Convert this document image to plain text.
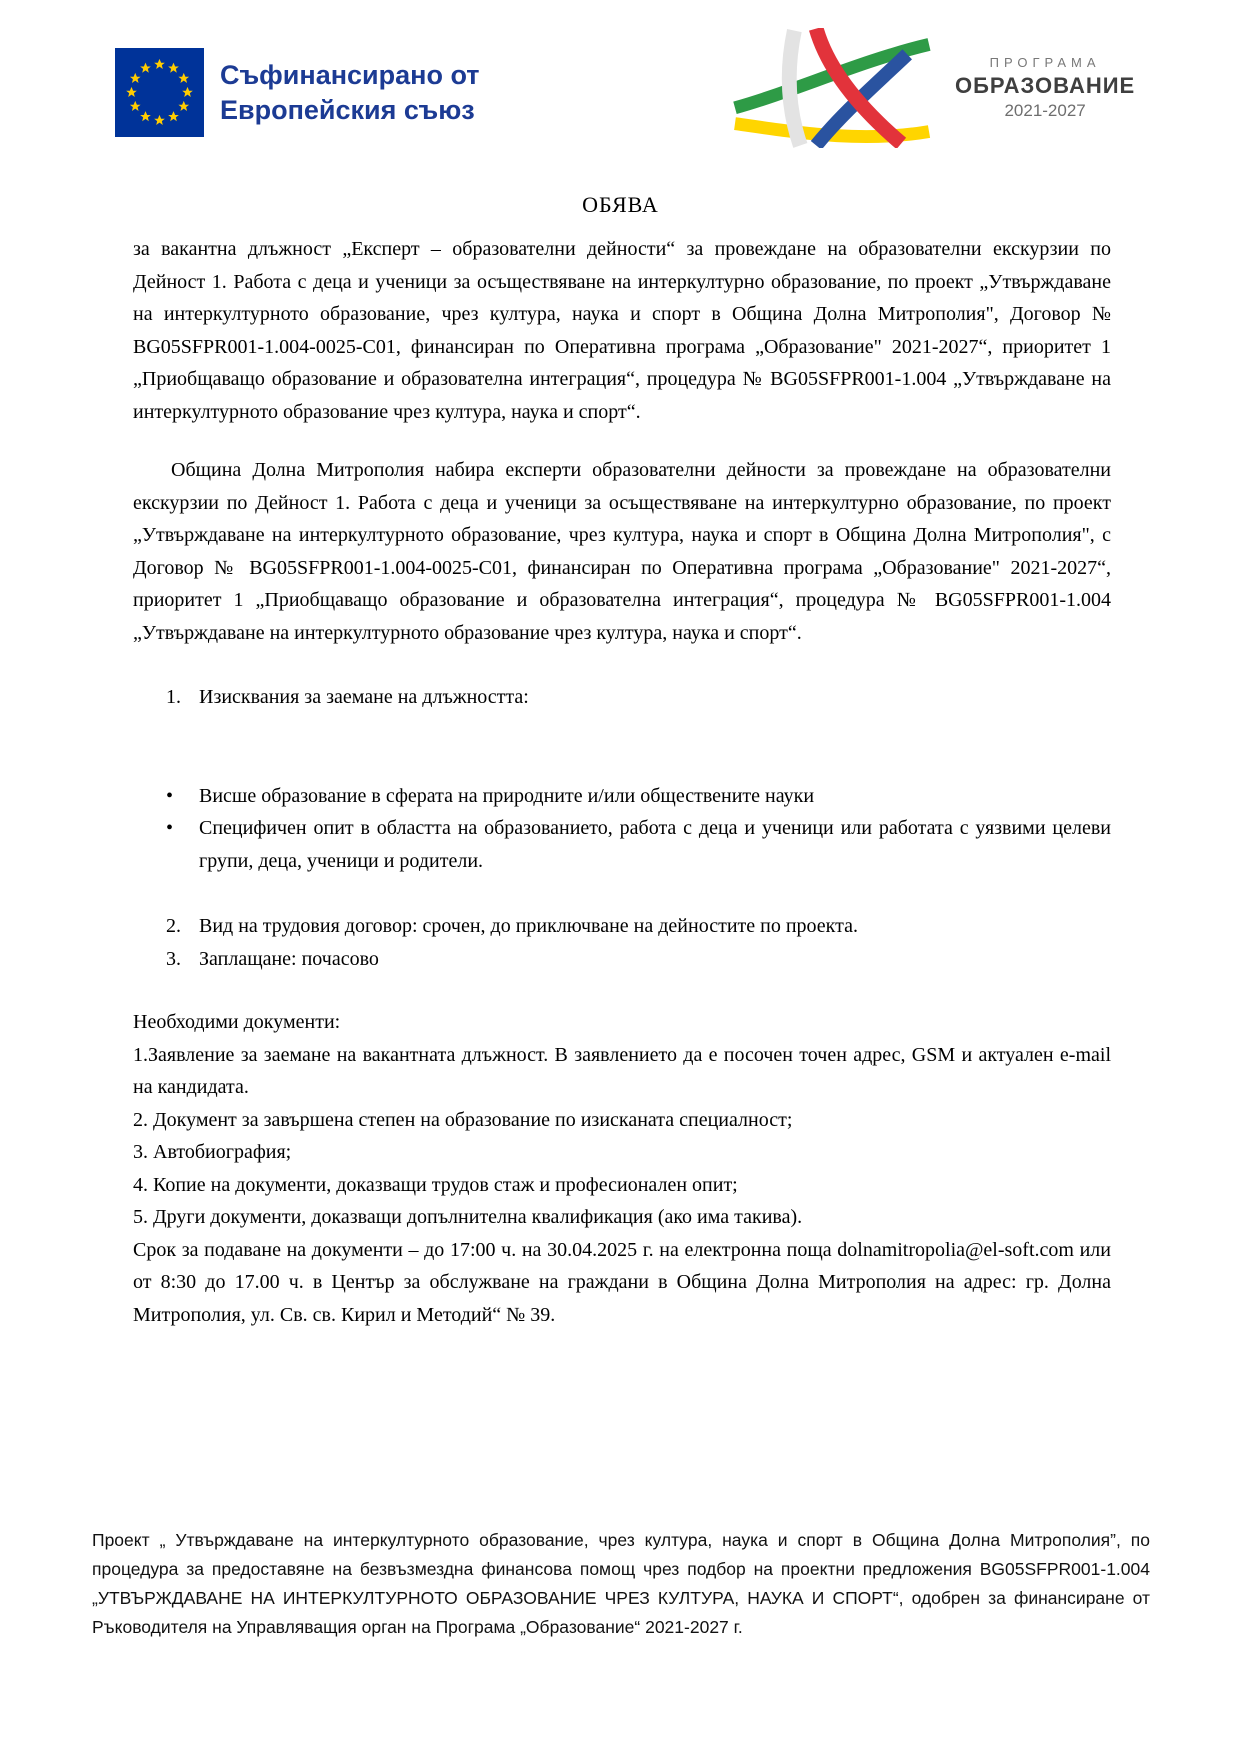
Съфинансирано от
Европейския съюз
ПРОГРАМА
ОБРАЗОВАНИЕ
2021-2027
ОБЯВА

за вакантна длъжност „Експерт – образователни дейности“ за провеждане на образователни екскурзии по Дейност 1. Работа с деца и ученици за осъществяване на интеркултурно образование, по проект „Утвърждаване на интеркултурното образование, чрез култура, наука и спорт в Община Долна Митрополия", Договор № BG05SFPR001-1.004-0025-C01, финансиран по Оперативна програма „Образование" 2021-2027“, приоритет 1 „Приобщаващо образование и образователна интеграция“, процедура № BG05SFPR001-1.004 „Утвърждаване на интеркултурното образование чрез култура, наука и спорт“.

Община Долна Митрополия набира експерти образователни дейности за провеждане на образователни екскурзии по Дейност 1. Работа с деца и ученици за осъществяване на интеркултурно образование, по проект „Утвърждаване на интеркултурното образование, чрез култура, наука и спорт в Община Долна Митрополия", с Договор № BG05SFPR001-1.004-0025-C01, финансиран по Оперативна програма „Образование" 2021-2027“, приоритет 1 „Приобщаващо образование и образователна интеграция“, процедура № BG05SFPR001-1.004 „Утвърждаване на интеркултурното образование чрез култура, наука и спорт“.

1. Изисквания за заемане на длъжността:
•
Висше образование в сферата на природните и/или обществените науки
•
Специфичен опит в областта на образованието, работа с деца и ученици или работата с уязвими целеви групи, деца, ученици и родители.
2. Вид на трудовия договор: срочен, до приключване на дейностите по проекта.
3. Заплащане: почасово

Необходими документи:

1.Заявление за заемане на вакантната длъжност. В заявлението да е посочен точен адрес, GSM и актуален e-mail на кандидата.
2. Документ за завършена степен на образование по изисканата специалност;
3. Автобиография;
4. Копие на документи, доказващи трудов стаж и професионален опит;
5. Други документи, доказващи допълнителна квалификация (ако има такива).

Срок за подаване на документи – до 17:00 ч. на 30.04.2025 г. на електронна поща dolnamitropolia@el-soft.com или от 8:30 до 17.00 ч. в Център за обслужване на граждани в Община Долна Митрополия на адрес: гр. Долна Митрополия, ул. Св. св. Кирил и Методий“ № 39.

Проект „ Утвърждаване на интеркултурното образование, чрез култура, наука и спорт в Община Долна Митрополия”, по процедура за предоставяне на безвъзмездна финансова помощ чрез подбор на проектни предложения BG05SFPR001-1.004 „УТВЪРЖДАВАНЕ НА ИНТЕРКУЛТУРНОТО ОБРАЗОВАНИЕ ЧРЕЗ КУЛТУРА, НАУКА И СПОРТ“, одобрен за финансиране от Ръководителя на Управляващия орган на Програма „Образование“ 2021-2027 г.
